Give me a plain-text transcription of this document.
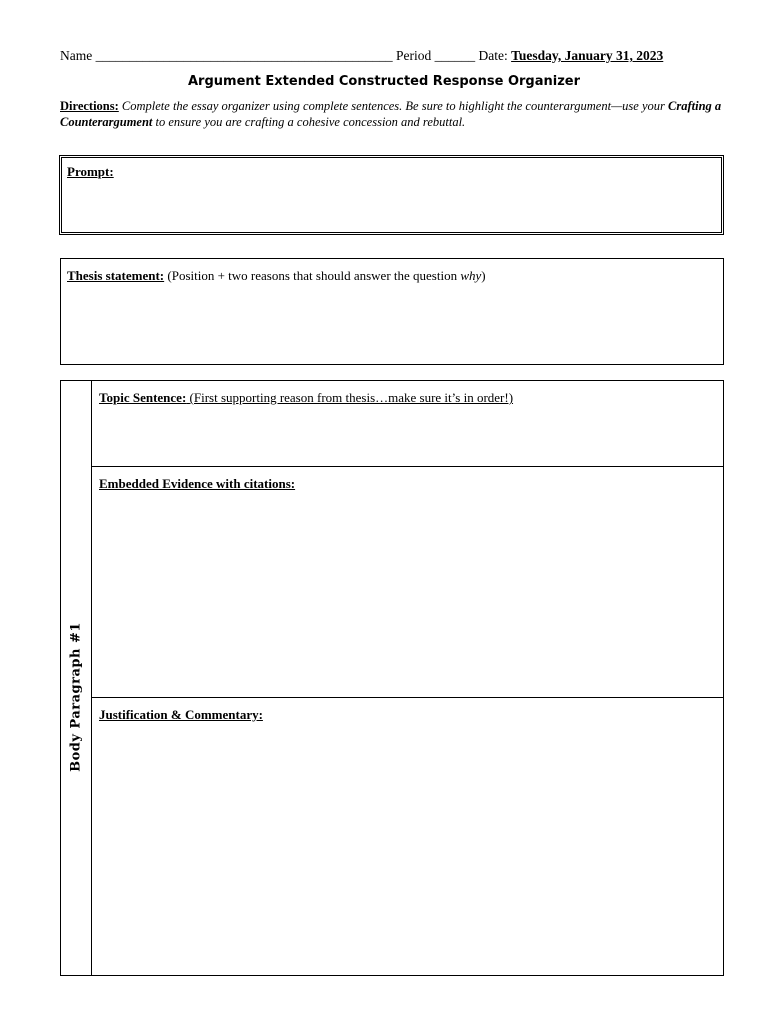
Name ____________________________________________ Period ______ Date: Tuesday, January 31, 2023
Argument Extended Constructed Response Organizer
Directions: Complete the essay organizer using complete sentences. Be sure to highlight the counterargument—use your Crafting a Counterargument to ensure you are crafting a cohesive concession and rebuttal.
Prompt:
Thesis statement: (Position + two reasons that should answer the question why)
Body Paragraph #1
Topic Sentence: (First supporting reason from thesis…make sure it’s in order!)
Embedded Evidence with citations:
Justification & Commentary:
